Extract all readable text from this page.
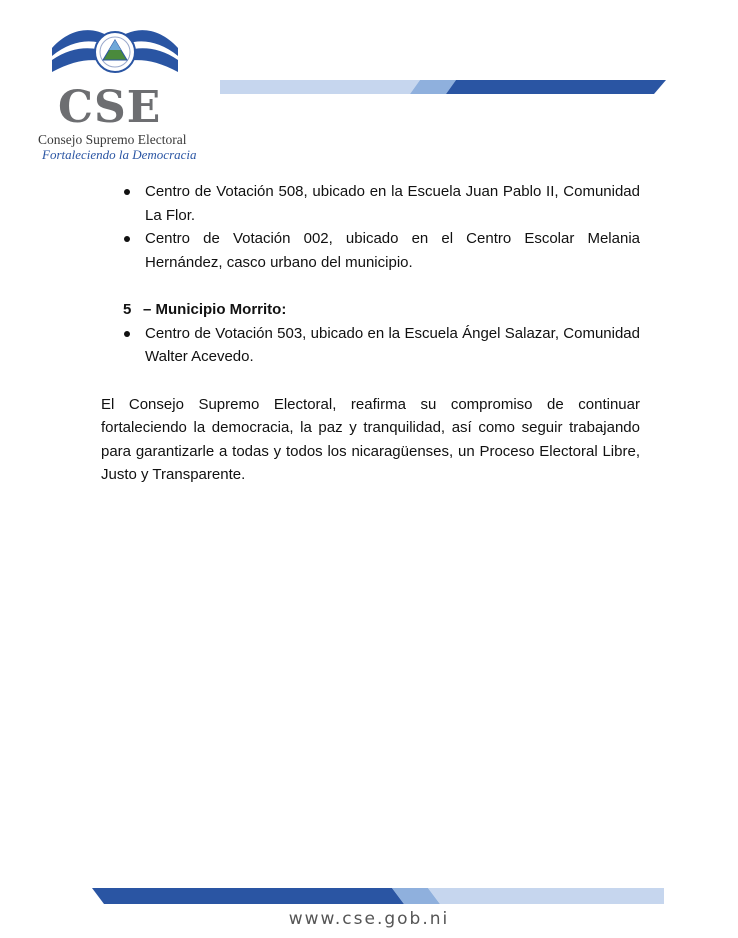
CSE
Consejo Supremo Electoral
Fortaleciendo la Democracia
Centro de Votación 508, ubicado en la Escuela Juan Pablo II, Comunidad La Flor.
Centro de Votación 002, ubicado en el Centro Escolar Melania Hernández, casco urbano del municipio.
5 – Municipio Morrito:
Centro de Votación 503, ubicado en la Escuela Ángel Salazar, Comunidad Walter Acevedo.

El Consejo Supremo Electoral, reafirma su compromiso de continuar fortaleciendo la democracia, la paz y tranquilidad, así como seguir trabajando para garantizarle a todas y todos los nicaragüenses, un Proceso Electoral Libre, Justo y Transparente.

www.cse.gob.ni
